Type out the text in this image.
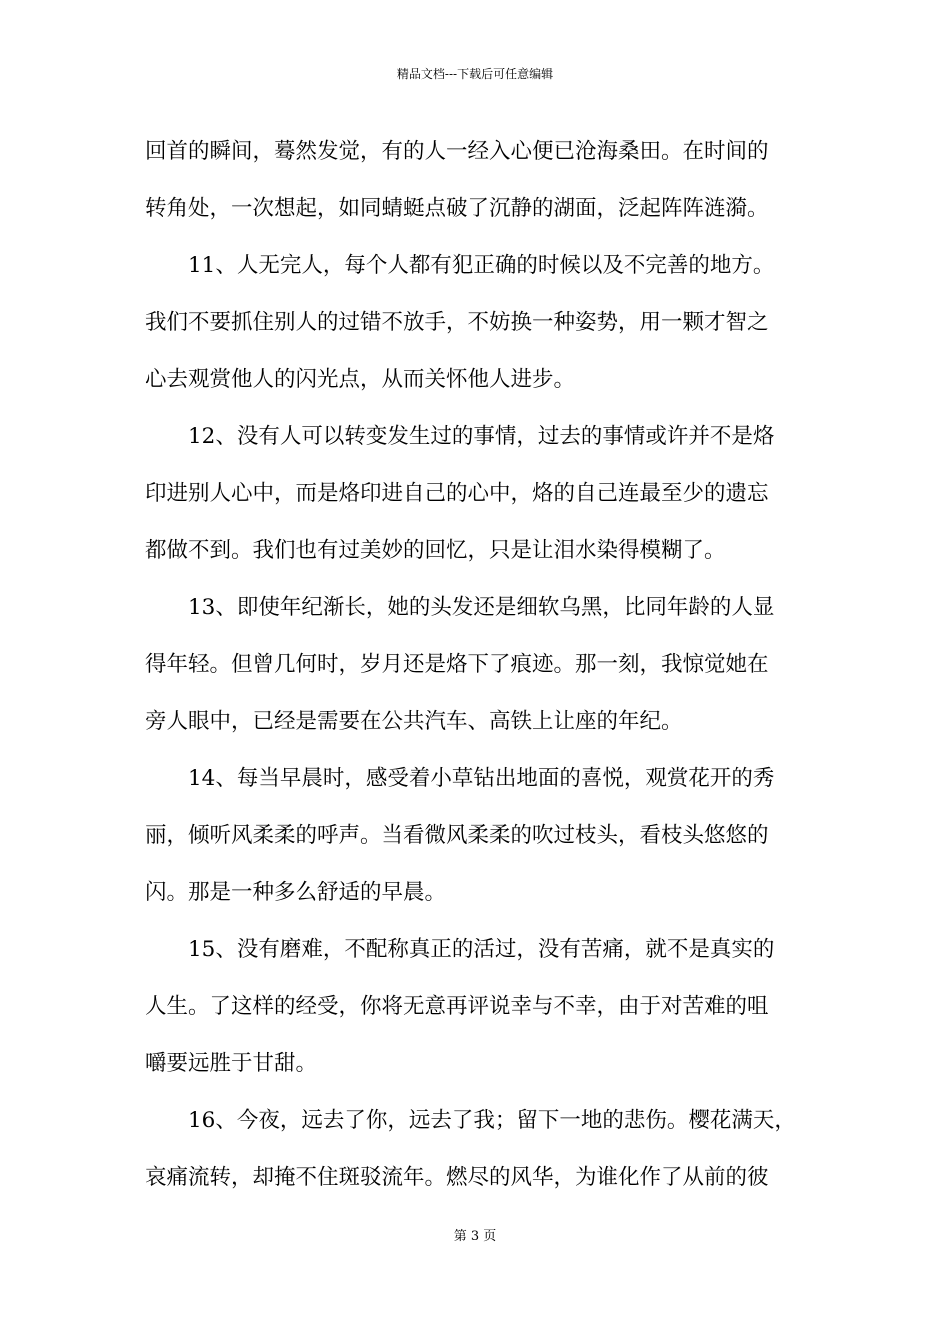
精品文档---下载后可任意编辑
回首的瞬间，蓦然发觉，有的人一经入心便已沧海桑田。在时间的
转角处，一次想起，如同蜻蜓点破了沉静的湖面，泛起阵阵涟漪。
　　11、人无完人，每个人都有犯正确的时候以及不完善的地方。
我们不要抓住别人的过错不放手，不妨换一种姿势，用一颗才智之
心去观赏他人的闪光点，从而关怀他人进步。
　　12、没有人可以转变发生过的事情，过去的事情或许并不是烙
印进别人心中，而是烙印进自己的心中，烙的自己连最至少的遗忘
都做不到。我们也有过美妙的回忆，只是让泪水染得模糊了。
　　13、即使年纪渐长，她的头发还是细软乌黑，比同年龄的人显
得年轻。但曾几何时，岁月还是烙下了痕迹。那一刻，我惊觉她在
旁人眼中，已经是需要在公共汽车、高铁上让座的年纪。
　　14、每当早晨时，感受着小草钻出地面的喜悦，观赏花开的秀
丽，倾听风柔柔的呼声。当看微风柔柔的吹过枝头，看枝头悠悠的
闪。那是一种多么舒适的早晨。
　　15、没有磨难，不配称真正的活过，没有苦痛，就不是真实的
人生。了这样的经受，你将无意再评说幸与不幸，由于对苦难的咀
嚼要远胜于甘甜。
　　16、今夜，远去了你，远去了我；留下一地的悲伤。樱花满天，
哀痛流转，却掩不住斑驳流年。燃尽的风华，为谁化作了从前的彼
第 3 页
